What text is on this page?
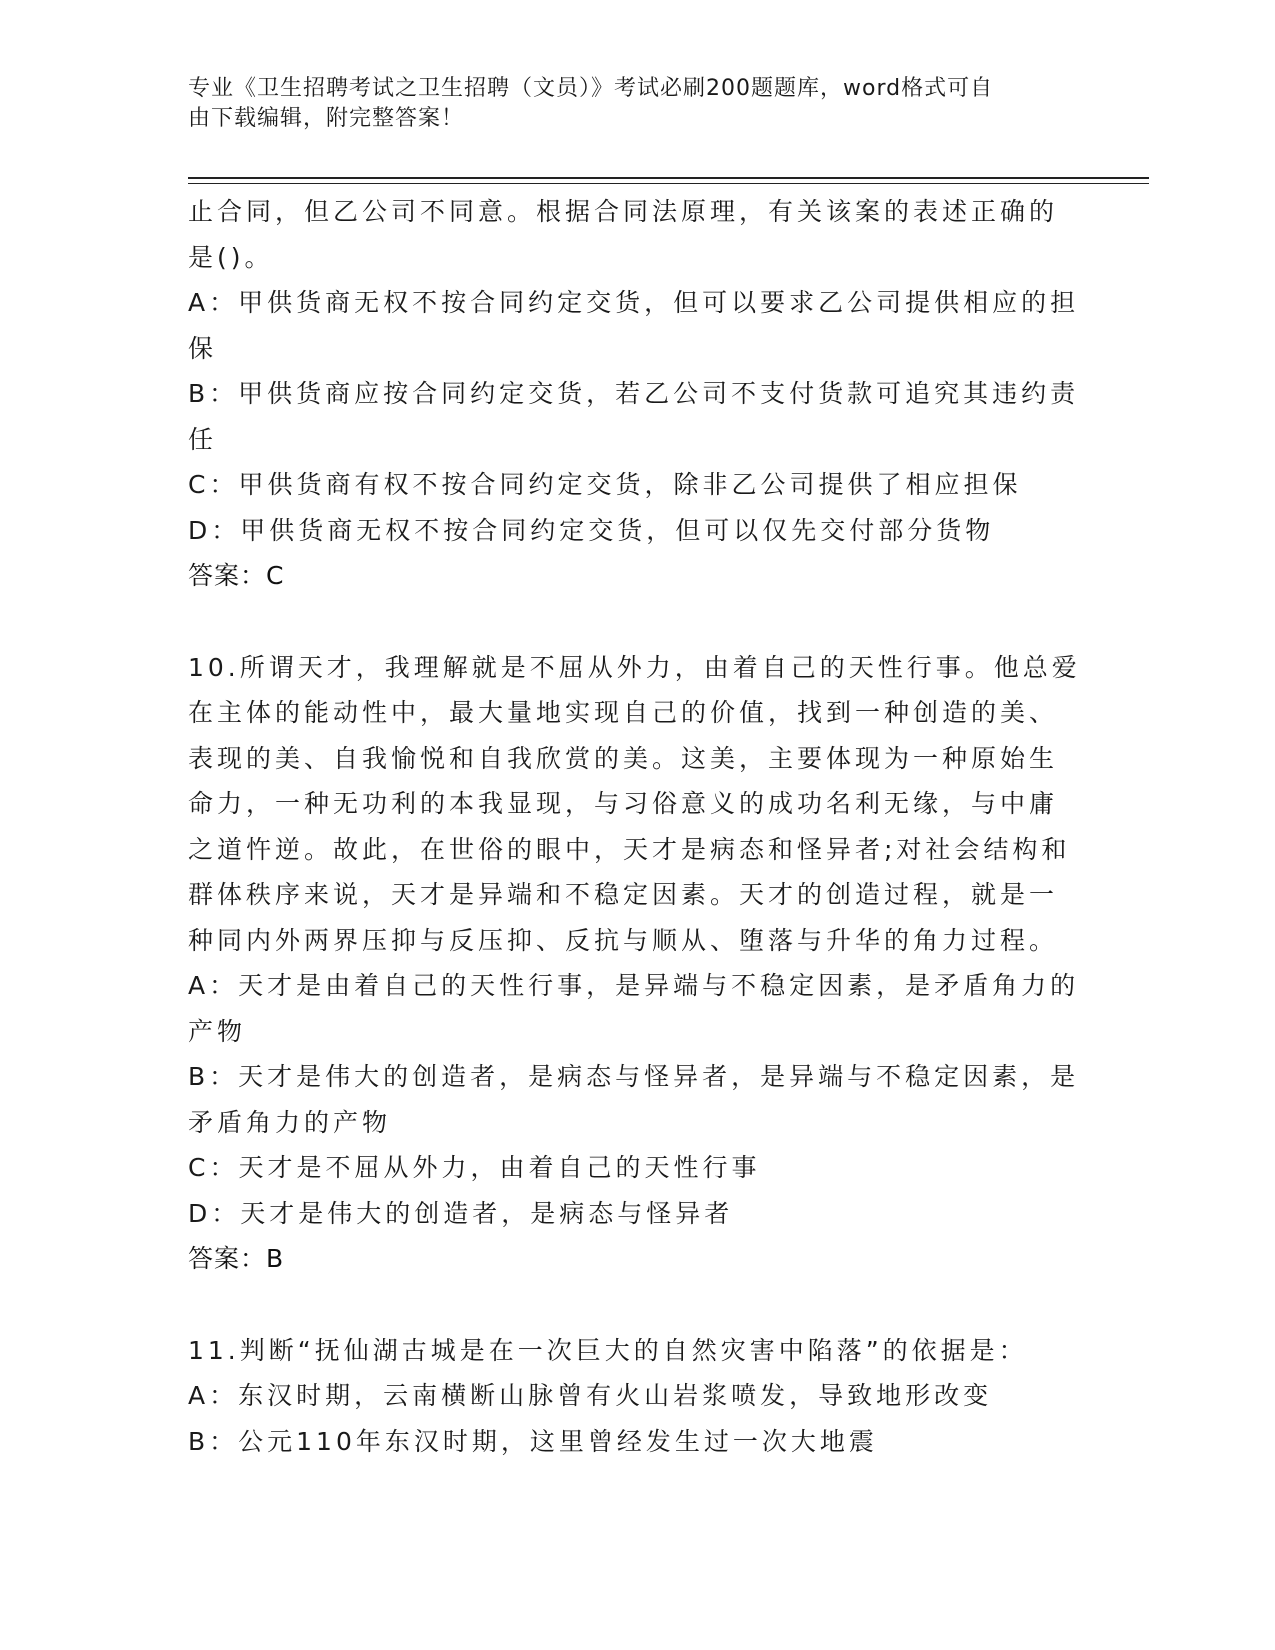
专业《卫生招聘考试之卫生招聘（文员）》考试必刷200题题库，word格式可自
由下载编辑，附完整答案！

止合同，但乙公司不同意。根据合同法原理，有关该案的表述正确的

是()。

A：甲供货商无权不按合同约定交货，但可以要求乙公司提供相应的担

保

B：甲供货商应按合同约定交货，若乙公司不支付货款可追究其违约责

任

C：甲供货商有权不按合同约定交货，除非乙公司提供了相应担保

D：甲供货商无权不按合同约定交货，但可以仅先交付部分货物

答案：C

10.所谓天才，我理解就是不屈从外力，由着自己的天性行事。他总爱

在主体的能动性中，最大量地实现自己的价值，找到一种创造的美、

表现的美、自我愉悦和自我欣赏的美。这美，主要体现为一种原始生

命力，一种无功利的本我显现，与习俗意义的成功名利无缘，与中庸

之道忤逆。故此，在世俗的眼中，天才是病态和怪异者;对社会结构和

群体秩序来说，天才是异端和不稳定因素。天才的创造过程，就是一

种同内外两界压抑与反压抑、反抗与顺从、堕落与升华的角力过程。

A：天才是由着自己的天性行事，是异端与不稳定因素，是矛盾角力的

产物

B：天才是伟大的创造者，是病态与怪异者，是异端与不稳定因素，是

矛盾角力的产物

C：天才是不屈从外力，由着自己的天性行事

D：天才是伟大的创造者，是病态与怪异者

答案：B

11.判断“抚仙湖古城是在一次巨大的自然灾害中陷落”的依据是：

A：东汉时期，云南横断山脉曾有火山岩浆喷发，导致地形改变

B：公元110年东汉时期，这里曾经发生过一次大地震
